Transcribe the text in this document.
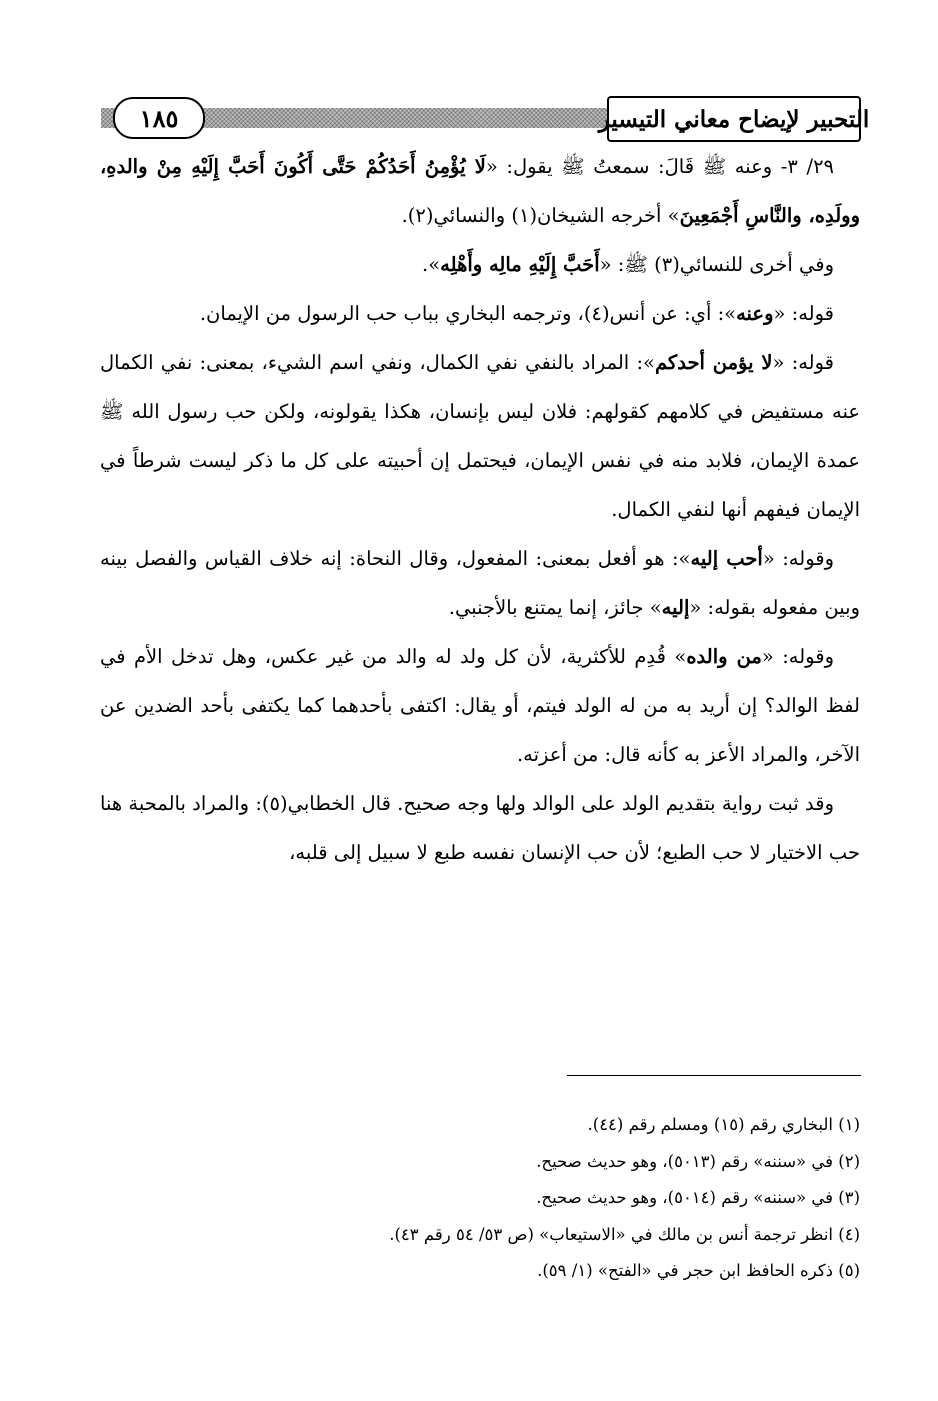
التحبير لإيضاح معاني التيسير
١٨٥

٢٩/ ٣- وعنه ﷺ قَالَ: سمعتُ ﷺ يقول: «لَا يُؤْمِنُ أَحَدُكُمْ حَتَّى أَكُونَ أَحَبَّ إِلَيْهِ مِنْ والدهِ، وولَدِه، والنَّاسِ أَجْمَعِينَ» أخرجه الشيخان(١) والنسائي(٢).

وفي أخرى للنسائي(٣) ﷺ: «أَحَبَّ إِلَيْهِ مالِه وأَهْلِه».

قوله: «وعنه»: أي: عن أنس(٤)، وترجمه البخاري بباب حب الرسول من الإيمان.

قوله: «لا يؤمن أحدكم»: المراد بالنفي نفي الكمال، ونفي اسم الشيء، بمعنى: نفي الكمال عنه مستفيض في كلامهم كقولهم: فلان ليس بإنسان، هكذا يقولونه، ولكن حب رسول الله ﷺ عمدة الإيمان، فلابد منه في نفس الإيمان، فيحتمل إن أحبيته على كل ما ذكر ليست شرطاً في الإيمان فيفهم أنها لنفي الكمال.

وقوله: «أحب إليه»: هو أفعل بمعنى: المفعول، وقال النحاة: إنه خلاف القياس والفصل بينه وبين مفعوله بقوله: «إليه» جائز، إنما يمتنع بالأجنبي.

وقوله: «من والده» قُدِم للأكثرية، لأن كل ولد له والد من غير عكس، وهل تدخل الأم في لفظ الوالد؟ إن أريد به من له الولد فيتم، أو يقال: اكتفى بأحدهما كما يكتفى بأحد الضدين عن الآخر، والمراد الأعز به كأنه قال: من أعزته.

وقد ثبت رواية بتقديم الولد على الوالد ولها وجه صحيح. قال الخطابي(٥): والمراد بالمحبة هنا حب الاختيار لا حب الطبع؛ لأن حب الإنسان نفسه طبع لا سبيل إلى قلبه،

(١) البخاري رقم (١٥) ومسلم رقم (٤٤).

(٢) في «سننه» رقم (٥٠١٣)، وهو حديث صحيح.

(٣) في «سننه» رقم (٥٠١٤)، وهو حديث صحيح.

(٤) انظر ترجمة أنس بن مالك في «الاستيعاب» (ص ٥٣/ ٥٤ رقم ٤٣).

(٥) ذكره الحافظ ابن حجر في «الفتح» (١/ ٥٩).
